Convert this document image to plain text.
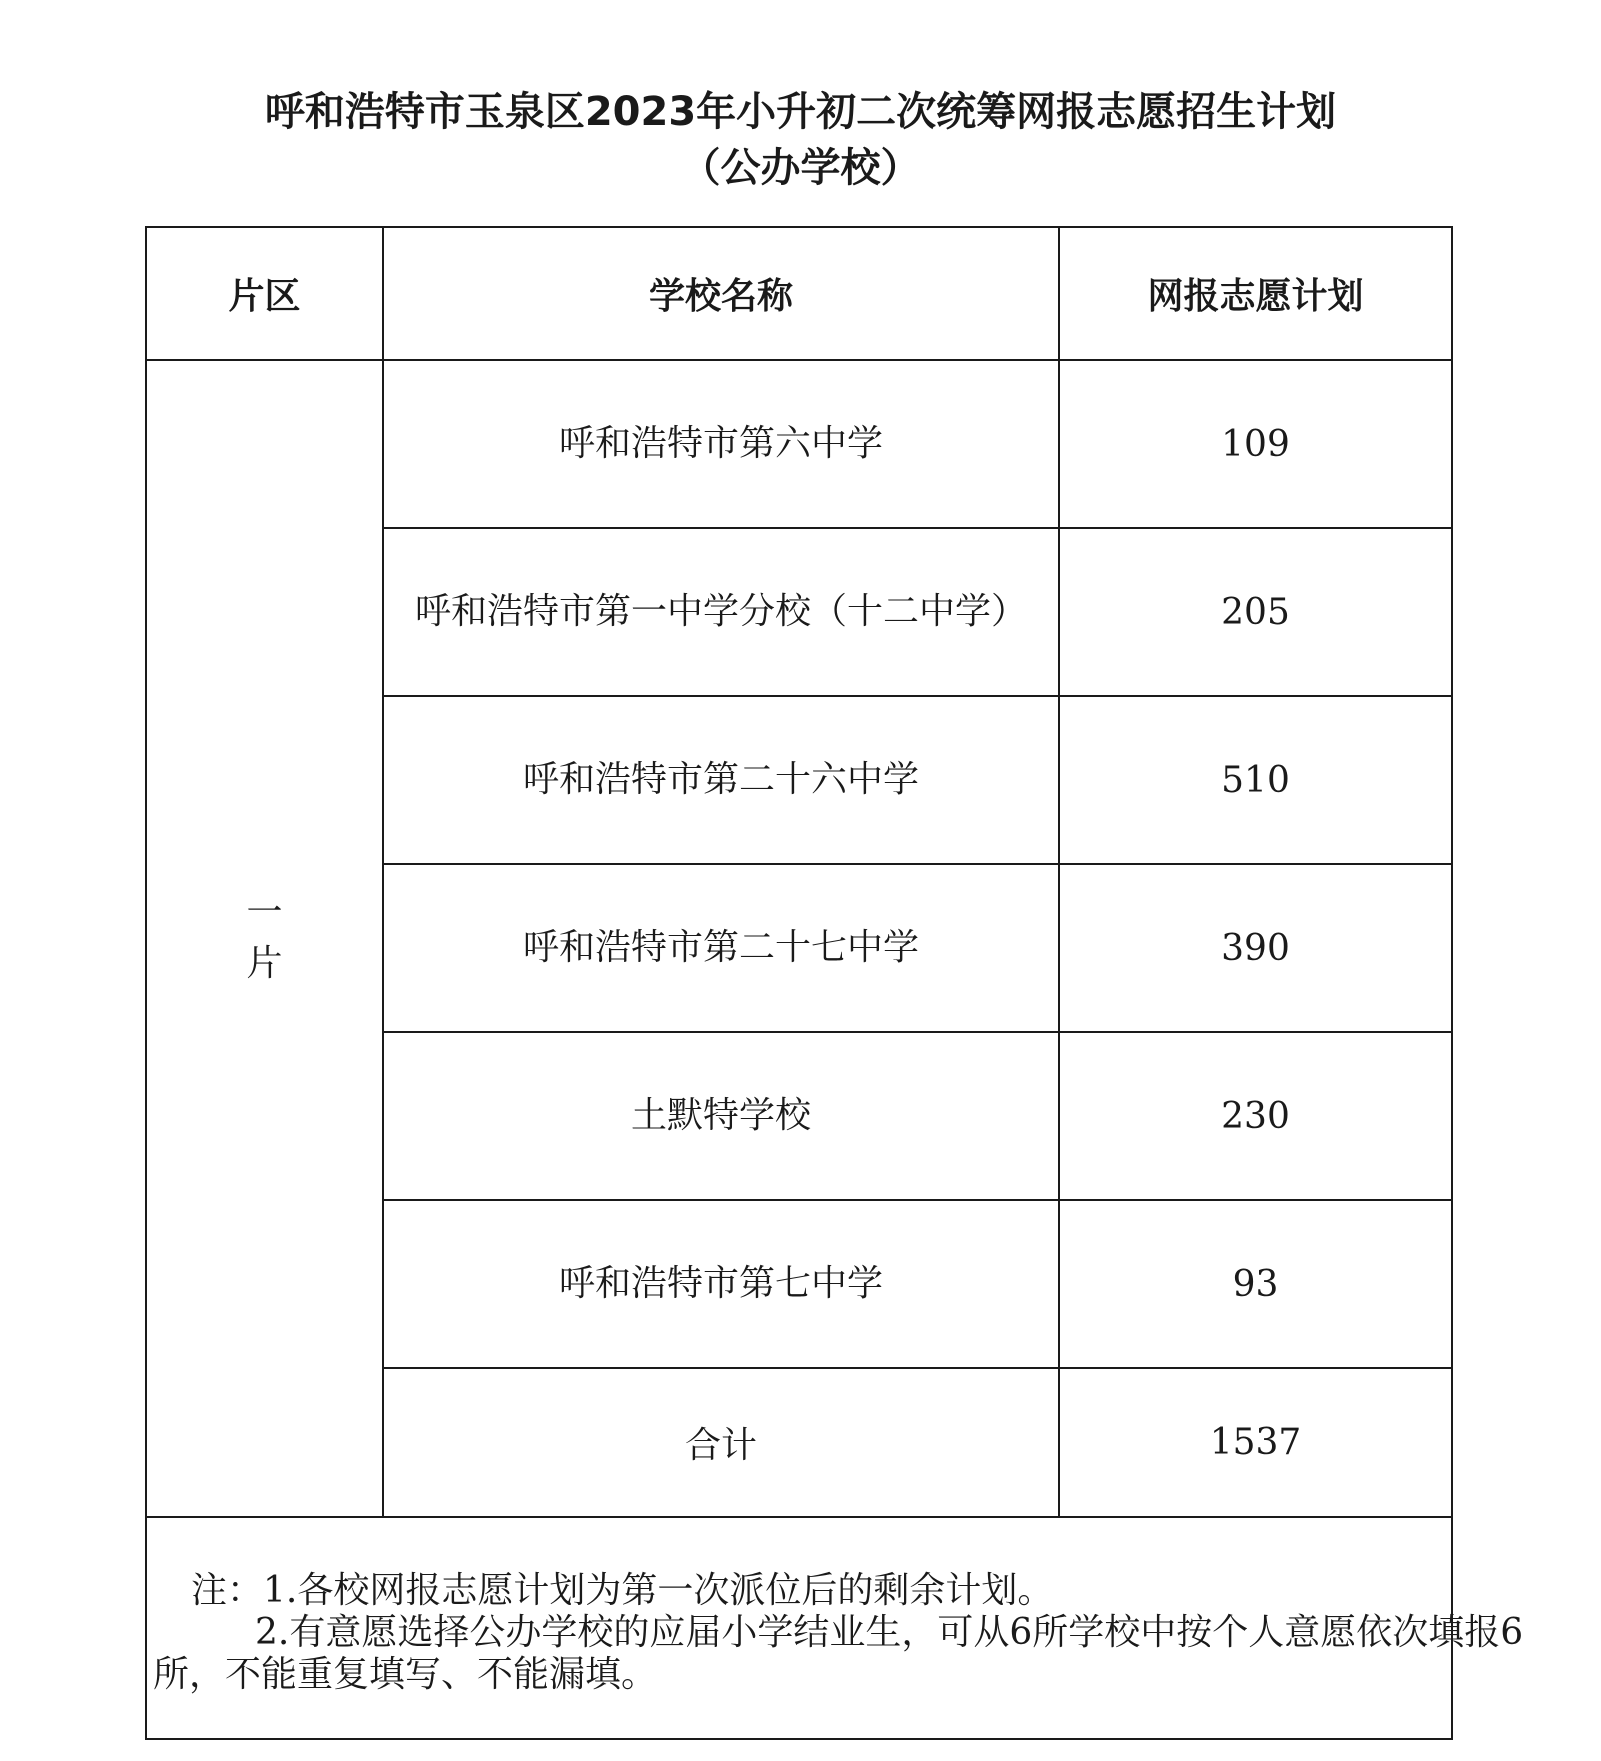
呼和浩特市玉泉区2023年小升初二次统筹网报志愿招生计划
（公办学校）
片区	学校名称	网报志愿计划

一
片	呼和浩特市第六中学	109
	呼和浩特市第一中学分校（十二中学）	205
	呼和浩特市第二十六中学	510
	呼和浩特市第二十七中学	390
	土默特学校	230
	呼和浩特市第七中学	93
	合计	1537

注：1.各校网报志愿计划为第一次派位后的剩余计划。
2.有意愿选择公办学校的应届小学结业生，可从6所学校中按个人意愿依次填报6
所，不能重复填写、不能漏填。		
